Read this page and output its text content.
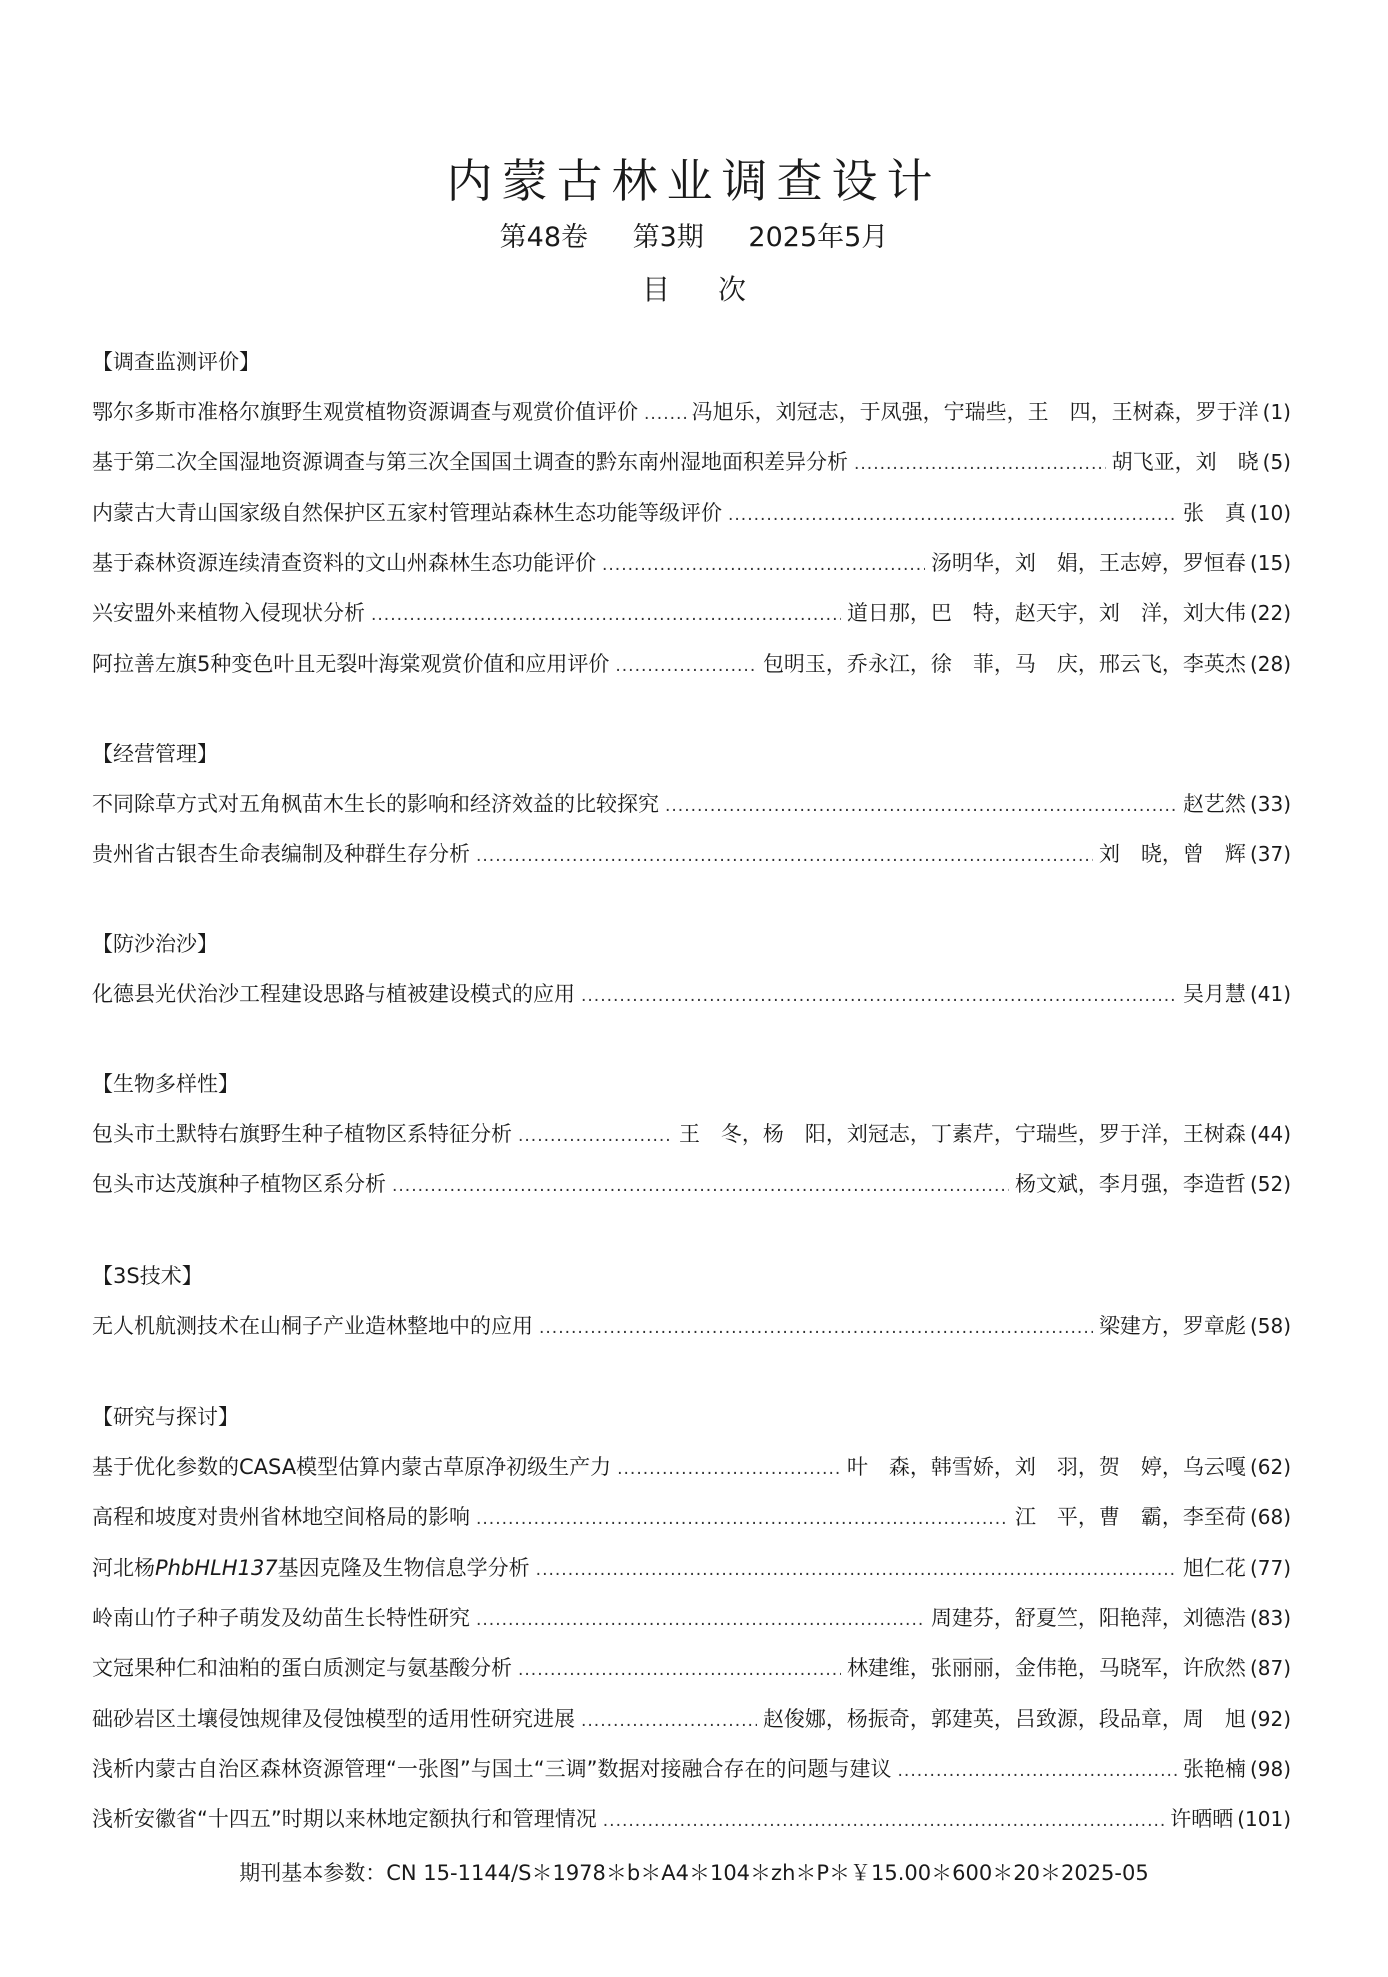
内蒙古林业调查设计
第48卷 第3期 2025年5月
目次
【调查监测评价】
鄂尔多斯市准格尔旗野生观赏植物资源调查与观赏价值评价 .....	冯旭乐，刘冠志，于凤强，宁瑞些，王　四，王树森，罗于洋 (1)
基于第二次全国湿地资源调查与第三次全国国土调查的黔东南州湿地面积差异分析 .....	胡飞亚，刘　晓 (5)
内蒙古大青山国家级自然保护区五家村管理站森林生态功能等级评价 .....	张　真 (10)
基于森林资源连续清查资料的文山州森林生态功能评价 .....	汤明华，刘　娟，王志婷，罗恒春 (15)
兴安盟外来植物入侵现状分析 .....	道日那，巴　特，赵天宇，刘　洋，刘大伟 (22)
阿拉善左旗5种变色叶且无裂叶海棠观赏价值和应用评价 .....	包明玉，乔永江，徐　菲，马　庆，邢云飞，李英杰 (28)
【经营管理】
不同除草方式对五角枫苗木生长的影响和经济效益的比较探究 .....	赵艺然 (33)
贵州省古银杏生命表编制及种群生存分析 .....	刘　晓，曾　辉 (37)
【防沙治沙】
化德县光伏治沙工程建设思路与植被建设模式的应用 .....	吴月慧 (41)
【生物多样性】
包头市土默特右旗野生种子植物区系特征分析 .....	王　冬，杨　阳，刘冠志，丁素芹，宁瑞些，罗于洋，王树森 (44)
包头市达茂旗种子植物区系分析 .....	杨文斌，李月强，李造哲 (52)
【3S技术】
无人机航测技术在山桐子产业造林整地中的应用 .....	梁建方，罗章彪 (58)
【研究与探讨】
基于优化参数的CASA模型估算内蒙古草原净初级生产力 .....	叶　森，韩雪娇，刘　羽，贺　婷，乌云嘎 (62)
高程和坡度对贵州省林地空间格局的影响 .....	江　平，曹　霸，李至荷 (68)
河北杨PhbHLH137基因克隆及生物信息学分析 .....	旭仁花 (77)
岭南山竹子种子萌发及幼苗生长特性研究 .....	周建芬，舒夏竺，阳艳萍，刘德浩 (83)
文冠果种仁和油粕的蛋白质测定与氨基酸分析 .....	林建维，张丽丽，金伟艳，马晓军，许欣然 (87)
础砂岩区土壤侵蚀规律及侵蚀模型的适用性研究进展 .....	赵俊娜，杨振奇，郭建英，吕致源，段品章，周　旭 (92)
浅析内蒙古自治区森林资源管理“一张图”与国土“三调”数据对接融合存在的问题与建议 .....	张艳楠 (98)
浅析安徽省“十四五”时期以来林地定额执行和管理情况 .....	许晒晒 (101)
期刊基本参数：CN 15-1144/S＊1978＊b＊A4＊104＊zh＊P＊￥15.00＊600＊20＊2025-05
